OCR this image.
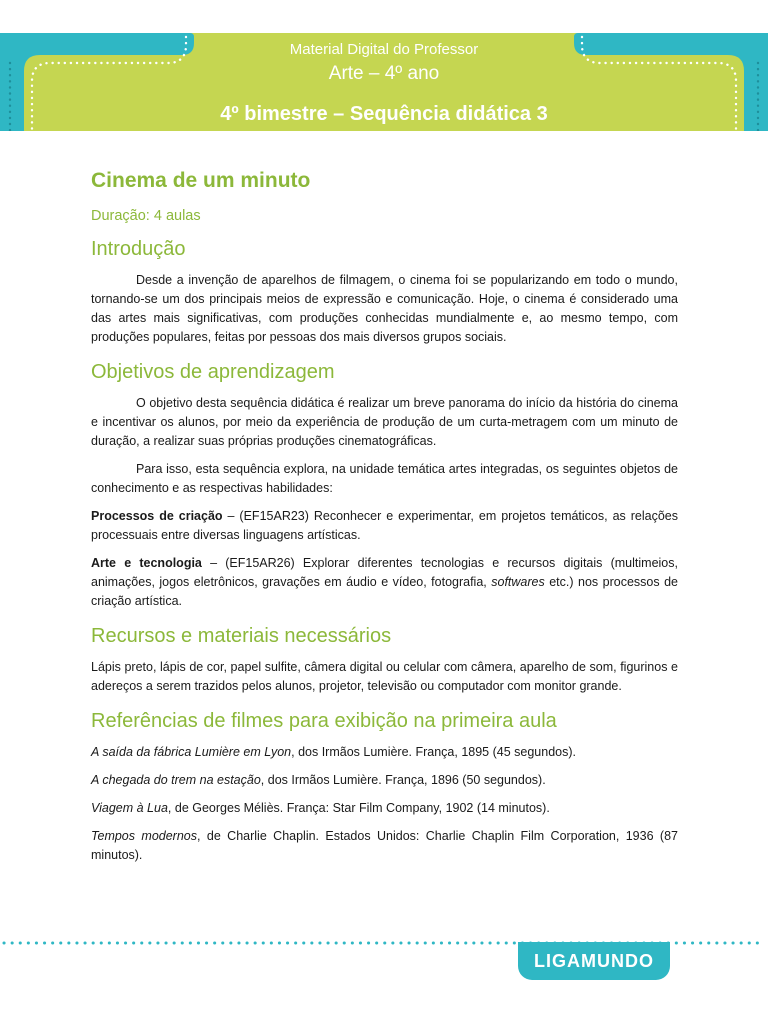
Material Digital do Professor
Arte – 4º ano
4º bimestre – Sequência didática 3
Cinema de um minuto
Duração: 4 aulas
Introdução

Desde a invenção de aparelhos de filmagem, o cinema foi se popularizando em todo o mundo, tornando-se um dos principais meios de expressão e comunicação. Hoje, o cinema é considerado uma das artes mais significativas, com produções conhecidas mundialmente e, ao mesmo tempo, com produções populares, feitas por pessoas dos mais diversos grupos sociais.

Objetivos de aprendizagem

O objetivo desta sequência didática é realizar um breve panorama do início da história do cinema e incentivar os alunos, por meio da experiência de produção de um curta-metragem com um minuto de duração, a realizar suas próprias produções cinematográficas.

Para isso, esta sequência explora, na unidade temática artes integradas, os seguintes objetos de conhecimento e as respectivas habilidades:

Processos de criação – (EF15AR23) Reconhecer e experimentar, em projetos temáticos, as relações processuais entre diversas linguagens artísticas.

Arte e tecnologia – (EF15AR26) Explorar diferentes tecnologias e recursos digitais (multimeios, animações, jogos eletrônicos, gravações em áudio e vídeo, fotografia, softwares etc.) nos processos de criação artística.

Recursos e materiais necessários

Lápis preto, lápis de cor, papel sulfite, câmera digital ou celular com câmera, aparelho de som, figurinos e adereços a serem trazidos pelos alunos, projetor, televisão ou computador com monitor grande.

Referências de filmes para exibição na primeira aula

A saída da fábrica Lumière em Lyon, dos Irmãos Lumière. França, 1895 (45 segundos).

A chegada do trem na estação, dos Irmãos Lumière. França, 1896 (50 segundos).

Viagem à Lua, de Georges Méliès. França: Star Film Company, 1902 (14 minutos).

Tempos modernos, de Charlie Chaplin. Estados Unidos: Charlie Chaplin Film Corporation, 1936 (87 minutos).

LIGAMUNDO
